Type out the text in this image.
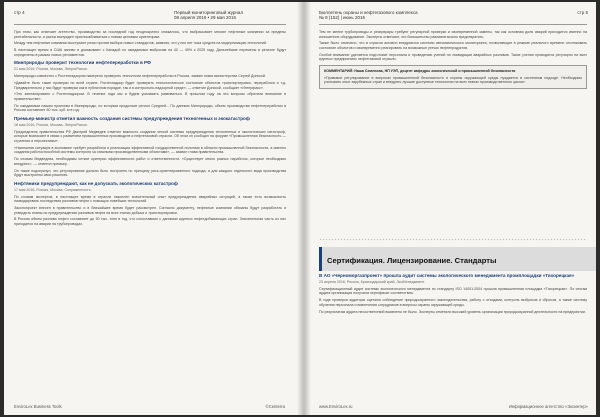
стр 4	Первый мониторинговый журнал
08 апреля 2016 • 29 мая 2016

При этом, как отмечает агентство, производство за последний год неоднократно снижалось, что выбрасывает многие нефтяные компании за пределы рентабельности, и рынок вынужден приспосабливаться к новым ценовым ориентирам.

Между тем нефтяные компании выступают резко против выбора новых стандартов, заявляя, что у них нет пока средств на модернизацию технологий.

В настоящее время в США заново и доказывают с Канадой по ожидаемым выбросам на 40 — 45% к 2025 году. Дальнейшие перемены в регионе будут определены в рамках новых регламентов.

Минприроды проверит технологии нефтепереработки в РФ

21 мая 2016, Россия, Москва, ЭнергоРынок.

Минприроды совместно с Ростехнадзором намерено проверить технологии нефтепереработки в России, заявил глава министерства Сергей Донской.

«Давайте быть такие проверки по всей стране. Ростехнадзор будет проверять технологическое состояние объектов транспортировки, переработки и т.д. Предварительно у нас будут проверки как в публичном порядке, так и в контрольно-надзорной среде», — отметил Донской, сообщает «Интерфакс».

«Это запланировано с Ростехнадзором. В течение года мы и будем усиливать развиваться. В прошлом году на эти вопросы обратили внимание в правительстве».

По ожидаемым нашим проектам в Минприроды, по которым продолжат регион Средней... По данным Минприроды, объем производства нефтепереработки в России составляет 60 тыс. куб. м в год.

Премьер-министр отметил важность создания системы предупреждения техногенных и экокатастроф

18 мая 2016, Россия, Москва, ЭнергоРынок.

Председатель правительства РФ Дмитрий Медведев отметил важность создания четкой системы предупреждения техногенных и экологических катастроф, которые возникают в связи с развитием промышленных производств и нефтегазовой отрасли. Об этом он сообщил на форуме «Промышленная безопасность — стратегия и перспективы».

«Нынешняя ситуация в экономике требует разработки и реализации эффективной государственной политики в области промышленной безопасности, а именно создания работоспособной системы контроля за опасными производственными объектами», — заявил глава правительства.

По словам Медведева, необходимы четкие критерии эффективности работ и ответственности. «Существует много разных наработок, которые необходимо внедрять», — отметил премьер.

Он также подчеркнул, что регулирование должно быть построено по принципу риск-ориентированного подхода, и для каждого отдельного вида производства будут выстроены свои решения.

Нефтяники предупреждают, как не допускать экологических катастроф

17 мая 2016, Россия, Москва, Сопряженность.

По словам экспертов, в настоящее время в отрасли накоплен значительный опыт предупреждения аварийных ситуаций, а также есть возможность ликвидировать последствия разливов нефти с помощью новейших технологий.

Законопроект внесен в правительство и в ближайшее время будет рассмотрен. Согласно документу, нефтяные компании обязаны будут разработать и утвердить планы по предупреждению разливов нефти на всех этапах добычи и транспортировки.

В России объем разлива нефти составляет до 50 тыс. тонн в год, что сопоставимо с данными крупных нефтедобывающих стран. Значительная часть из них приходится на аварии на трубопроводах.

EnviroLex Business Tools	©Centerra
Бюллетень охраны и нефтегазового комплекса
№ 8 (152) | июнь 2016
стр 5

Тем не менее трубопроводы и резервуары требуют регулярной проверки и своевременной замены, так как основная доля аварий приходится именно на изношенное оборудование. Эксперты отмечают, что большинство разливов можно предотвратить.

Также было отмечено, что в отрасли активно внедряются системы автоматического мониторинга, позволяющие в режиме реального времени отслеживать состояние объектов и своевременно реагировать на возможные утечки нефтепродуктов.

Особое внимание уделяется подготовке персонала и проведению учений по ликвидации аварийных разливов. Такие учения проводятся регулярно на всех крупных предприятиях нефтегазовой отрасли.

КОММЕНТАРИЙ: Наша Семенова, НП УЭП, доцент кафедры экологической и промышленной безопасности
«Правовое регулирование в вопросах промышленной безопасности и охраны окружающей среды нуждается в системном подходе. Необходимо учитывать опыт зарубежных стран и внедрять лучшие доступные технологии на всех этапах производственного цикла».
Сертификация. Лицензирование. Стандарты
В АО «Черноморгазпроект» прошла аудит системы экологического менеджмента промплощадки «Тихорецкая»

23 апреля 2016, Россия, Краснодарский край, ЭкоМенеджмент.

Сертификационный аудит системы экологического менеджмента по стандарту ISO 14001:2004 прошла промышленная площадка «Тихорецкая». По итогам аудита организация получила сертификат соответствия.

В ходе проверки аудиторы оценили соблюдение природоохранного законодательства, работу с отходами, контроль выбросов и сбросов, а также систему обучения персонала и вовлечения сотрудников в вопросы охраны окружающей среды.

По результатам аудита несоответствий выявлено не было. Эксперты отметили высокий уровень организации природоохранной деятельности на предприятии.

www.EnviroLex.ru	Информационное агентство «Экоинтер»
